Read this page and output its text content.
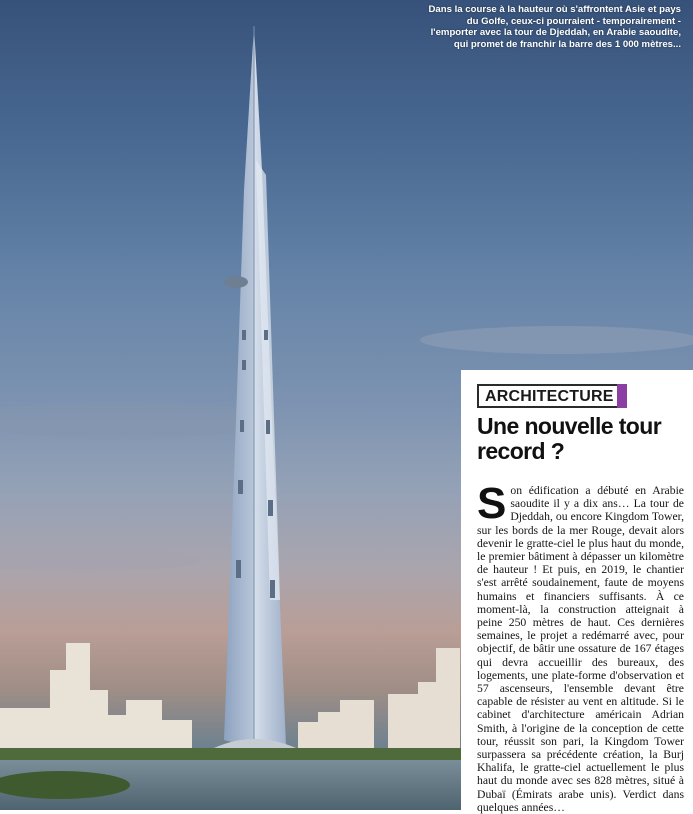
Dans la course à la hauteur où s'affrontent Asie et pays du Golfe, ceux-ci pourraient - temporairement - l'emporter avec la tour de Djeddah, en Arabie saoudite, qui promet de franchir la barre des 1 000 mètres...
ARCHITECTURE
Une nouvelle tour record ?
Son édification a débuté en Arabie saoudite il y a dix ans… La tour de Djeddah, ou encore Kingdom Tower, sur les bords de la mer Rouge, devait alors devenir le gratte-ciel le plus haut du monde, le premier bâtiment à dépasser un kilomètre de hauteur ! Et puis, en 2019, le chantier s'est arrêté soudainement, faute de moyens humains et financiers suffisants. À ce moment-là, la construction atteignait à peine 250 mètres de haut. Ces dernières semaines, le projet a redémarré avec, pour objectif, de bâtir une ossature de 167 étages qui devra accueillir des bureaux, des logements, une plate-forme d'observation et 57 ascenseurs, l'ensemble devant être capable de résister au vent en altitude. Si le cabinet d'architecture américain Adrian Smith, à l'origine de la conception de cette tour, réussit son pari, la Kingdom Tower surpassera sa précédente création, la Burj Khalifa, le gratte-ciel actuellement le plus haut du monde avec ses 828 mètres, situé à Dubaï (Émirats arabe unis). Verdict dans quelques années…
